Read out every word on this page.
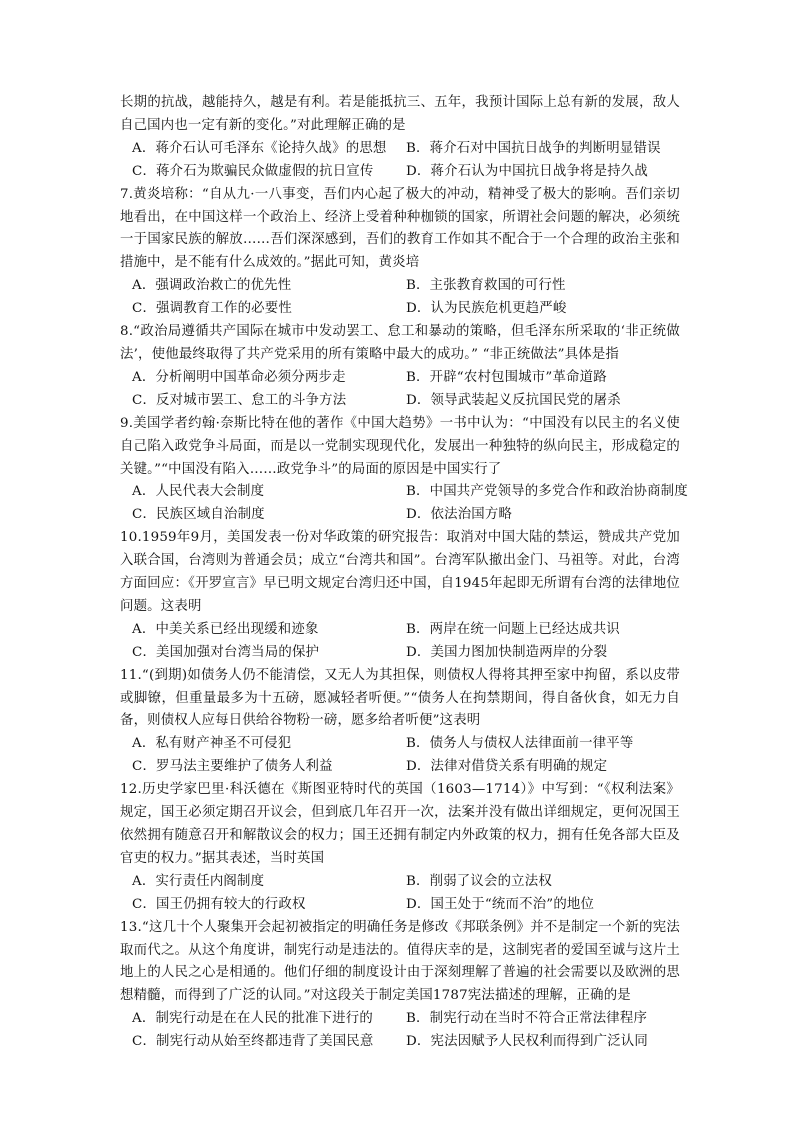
长期的抗战，越能持久，越是有利。若是能抵抗三、五年，我预计国际上总有新的发展，敌人自己国内也一定有新的变化。”对此理解正确的是

A．蒋介石认可毛泽东《论持久战》的思想	B．蒋介石对中国抗日战争的判断明显错误
C．蒋介石为欺骗民众做虚假的抗日宣传	D．蒋介石认为中国抗日战争将是持久战

7.黄炎培称：“自从九·一八事变，吾们内心起了极大的冲动，精神受了极大的影响。吾们亲切地看出，在中国这样一个政治上、经济上受着种种枷锁的国家，所谓社会问题的解决，必须统一于国家民族的解放……吾们深深感到，吾们的教育工作如其不配合于一个合理的政治主张和措施中，是不能有什么成效的。”据此可知，黄炎培

A．强调政治救亡的优先性	B．主张教育救国的可行性
C．强调教育工作的必要性	D．认为民族危机更趋严峻

8.“政治局遵循共产国际在城市中发动罢工、怠工和暴动的策略，但毛泽东所采取的‘非正统做法’，使他最终取得了共产党采用的所有策略中最大的成功。” “非正统做法”具体是指

A．分析阐明中国革命必须分两步走	B．开辟“农村包围城市”革命道路
C．反对城市罢工、怠工的斗争方法	D．领导武装起义反抗国民党的屠杀

9.美国学者约翰·奈斯比特在他的著作《中国大趋势》一书中认为：“中国没有以民主的名义使自己陷入政党争斗局面，而是以一党制实现现代化，发展出一种独特的纵向民主，形成稳定的关键。”“中国没有陷入……政党争斗”的局面的原因是中国实行了

A．人民代表大会制度	B．中国共产党领导的多党合作和政治协商制度
C．民族区域自治制度	D．依法治国方略

10.1959年9月，美国发表一份对华政策的研究报告：取消对中国大陆的禁运，赞成共产党加入联合国，台湾则为普通会员；成立“台湾共和国”。台湾军队撤出金门、马祖等。对此，台湾方面回应：《开罗宣言》早已明文规定台湾归还中国，自1945年起即无所谓有台湾的法律地位问题。这表明

A．中美关系已经出现缓和迹象	B．两岸在统一问题上已经达成共识
C．美国加强对台湾当局的保护	D．美国力图加快制造两岸的分裂

11.“(到期)如债务人仍不能清偿，又无人为其担保，则债权人得将其押至家中拘留，系以皮带或脚镣，但重量最多为十五磅，愿减轻者听便。”“债务人在拘禁期间，得自备伙食，如无力自备，则债权人应每日供给谷物粉一磅，愿多给者听便”这表明

A．私有财产神圣不可侵犯	B．债务人与债权人法律面前一律平等
C．罗马法主要维护了债务人利益	D．法律对借贷关系有明确的规定

12.历史学家巴里·科沃德在《斯图亚特时代的英国（1603—1714）》中写到：“《权利法案》规定，国王必须定期召开议会，但到底几年召开一次，法案并没有做出详细规定，更何况国王依然拥有随意召开和解散议会的权力；国王还拥有制定内外政策的权力，拥有任免各部大臣及官吏的权力。”据其表述，当时英国

A．实行责任内阁制度	B．削弱了议会的立法权
C．国王仍拥有较大的行政权	D．国王处于“统而不治”的地位

13.“这几十个人聚集开会起初被指定的明确任务是修改《邦联条例》并不是制定一个新的宪法取而代之。从这个角度讲，制宪行动是违法的。值得庆幸的是，这制宪者的爱国至诚与这片土地上的人民之心是相通的。他们仔细的制度设计由于深刻理解了普遍的社会需要以及欧洲的思想精髓，而得到了广泛的认同。”对这段关于制定美国1787宪法描述的理解，正确的是

A．制宪行动是在在人民的批准下进行的	B．制宪行动在当时不符合正常法律程序
C．制宪行动从始至终都违背了美国民意	D．宪法因赋予人民权利而得到广泛认同
